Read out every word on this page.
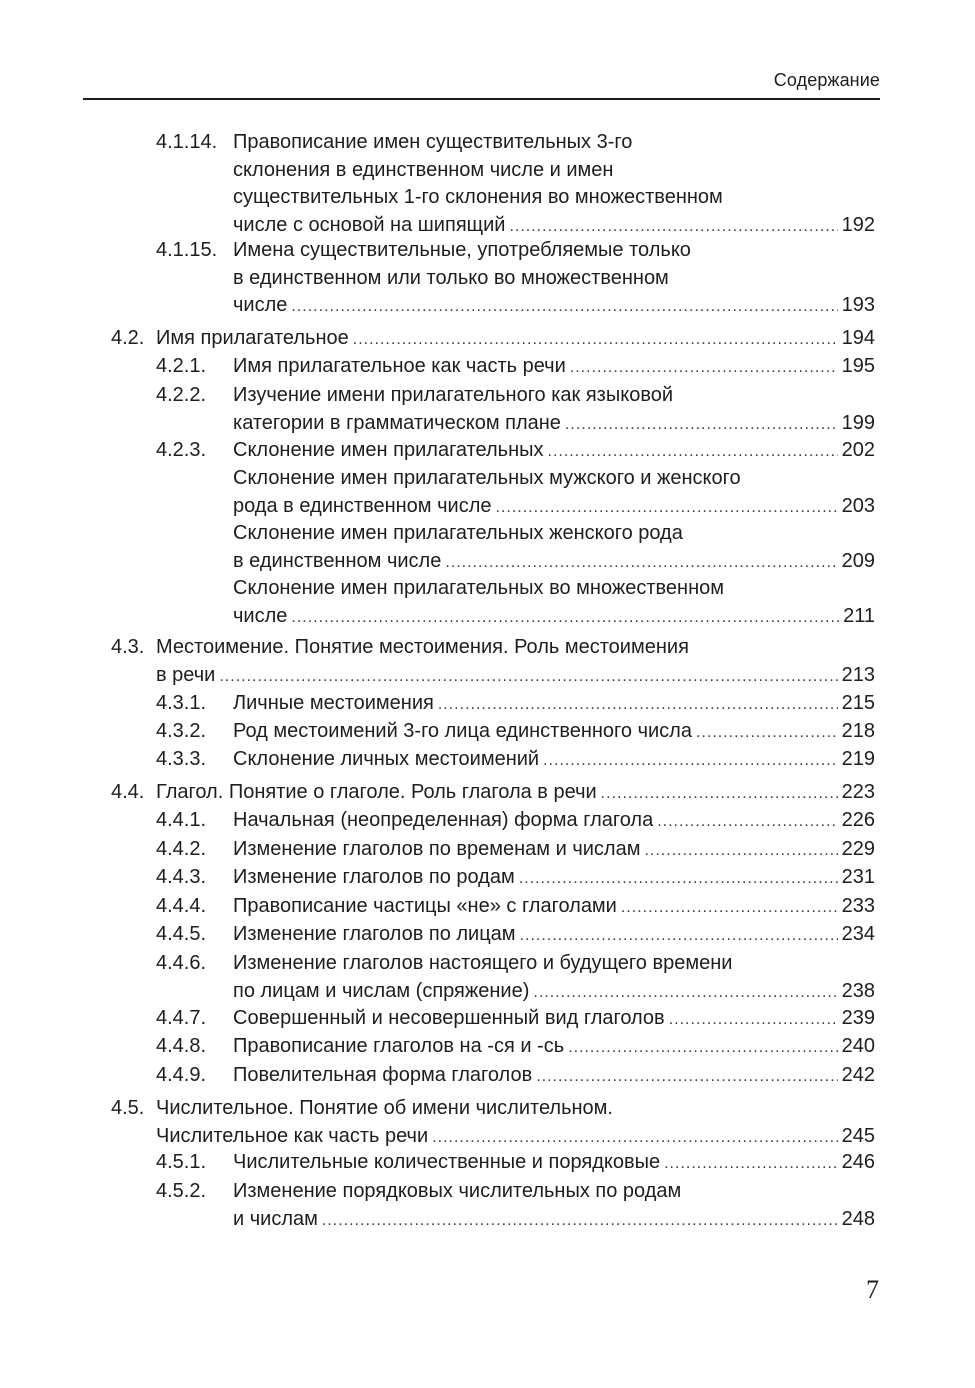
Содержание
4.1.14. Правописание имен существительных 3-го
склонения в единственном числе и имен
существительных 1-го склонения во множественном
числе с основой на шипящий .....	192
4.1.15. Имена существительные, употребляемые только
в единственном или только во множественном
числе .....	193
4.2. Имя прилагательное .....	194
4.2.1. Имя прилагательное как часть речи .....	195
4.2.2. Изучение имени прилагательного как языковой
категории в грамматическом плане .....	199
4.2.3. Склонение имен прилагательных .....	202
Склонение имен прилагательных мужского и женского
рода в единственном числе .....	203
Склонение имен прилагательных женского рода
в единственном числе .....	209
Склонение имен прилагательных во множественном
числе .....	211
4.3. Местоимение. Понятие местоимения. Роль местоимения
в речи .....	213
4.3.1. Личные местоимения .....	215
4.3.2. Род местоимений 3-го лица единственного числа .....	218
4.3.3. Склонение личных местоимений .....	219
4.4. Глагол. Понятие о глаголе. Роль глагола в речи .....	223
4.4.1. Начальная (неопределенная) форма глагола .....	226
4.4.2. Изменение глаголов по временам и числам .....	229
4.4.3. Изменение глаголов по родам .....	231
4.4.4. Правописание частицы «не» с глаголами .....	233
4.4.5. Изменение глаголов по лицам .....	234
4.4.6. Изменение глаголов настоящего и будущего времени
по лицам и числам (спряжение) .....	238
4.4.7. Совершенный и несовершенный вид глаголов .....	239
4.4.8. Правописание глаголов на -ся и -сь .....	240
4.4.9. Повелительная форма глаголов .....	242
4.5. Числительное. Понятие об имени числительном.
Числительное как часть речи .....	245
4.5.1. Числительные количественные и порядковые .....	246
4.5.2. Изменение порядковых числительных по родам
и числам .....	248
7
